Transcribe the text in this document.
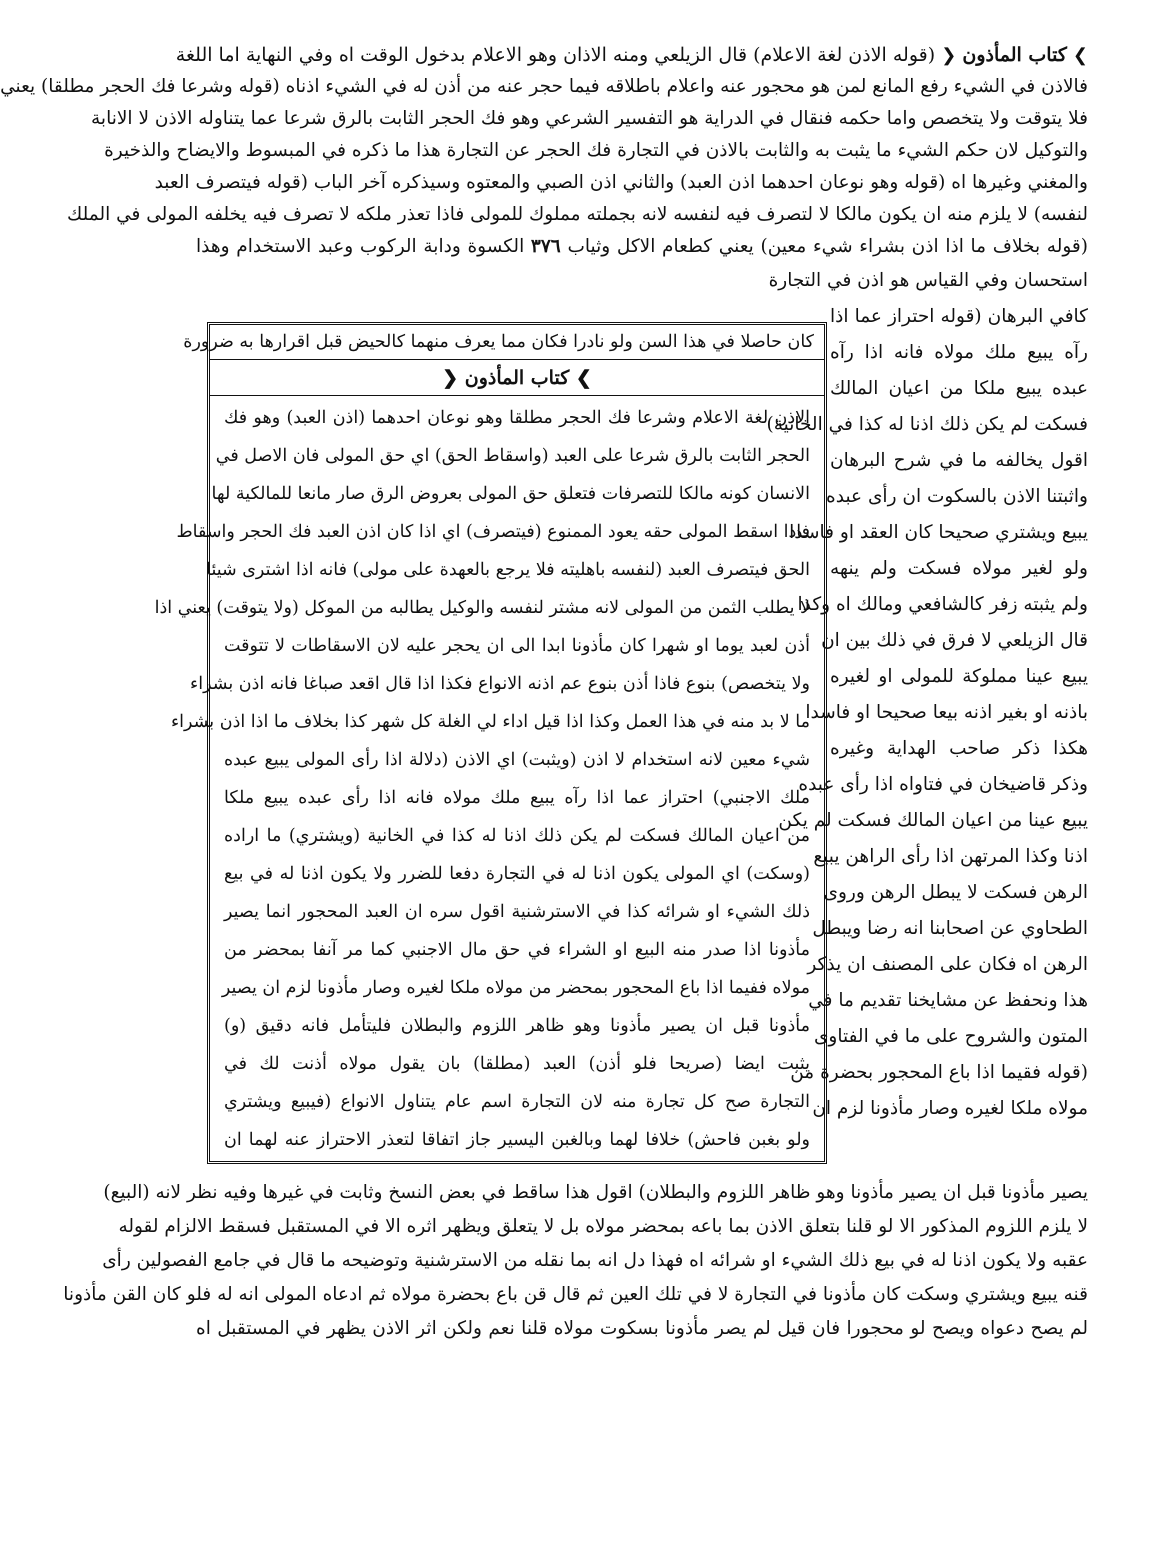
❯ كتاب المأذون ❮ (قوله الاذن لغة الاعلام) قال الزيلعي ومنه الاذان وهو الاعلام بدخول الوقت اه وفي النهاية اما اللغة
فالاذن في الشيء رفع المانع لمن هو محجور عنه واعلام باطلاقه فيما حجر عنه من أذن له في الشيء اذناه (قوله وشرعا فك الحجر مطلقا) يعني
فلا يتوقت ولا يتخصص واما حكمه فنقال في الدراية هو التفسير الشرعي وهو فك الحجر الثابت بالرق شرعا عما يتناوله الاذن لا الانابة
والتوكيل لان حكم الشيء ما يثبت به والثابت بالاذن في التجارة فك الحجر عن التجارة هذا ما ذكره في المبسوط والايضاح والذخيرة
والمغني وغيرها اه (قوله وهو نوعان احدهما اذن العبد) والثاني اذن الصبي والمعتوه وسيذكره آخر الباب (قوله فيتصرف العبد
لنفسه) لا يلزم منه ان يكون مالكا لا لتصرف فيه لنفسه لانه بجملته مملوك للمولى فاذا تعذر ملكه لا تصرف فيه يخلفه المولى في الملك
(قوله بخلاف ما اذا اذن بشراء شيء معين) يعني كطعام الاكل وثياب ٣٧٦ الكسوة ودابة الركوب وعبد الاستخدام وهذا
استحسان وفي القياس هو اذن في التجارة
كافي البرهان (قوله احتراز عما اذا
رآه يبيع ملك مولاه فانه اذا رآه
عبده يبيع ملكا من اعيان المالك
فسكت لم يكن ذلك اذنا له كذا في الخانية)
اقول يخالفه ما في شرح البرهان
واثبتنا الاذن بالسكوت ان رأى عبده
يبيع ويشتري صحيحا كان العقد او فاسدا
ولو لغير مولاه فسكت ولم ينهه
ولم يثبته زفر كالشافعي ومالك اه وكذا
قال الزيلعي لا فرق في ذلك بين ان
يبيع عينا مملوكة للمولى او لغيره
باذنه او بغير اذنه بيعا صحيحا او فاسدا
هكذا ذكر صاحب الهداية وغيره
وذكر قاضيخان في فتاواه اذا رأى عبده
يبيع عينا من اعيان المالك فسكت لم يكن
اذنا وكذا المرتهن اذا رأى الراهن يبيع
الرهن فسكت لا يبطل الرهن وروى
الطحاوي عن اصحابنا انه رضا ويبطل
الرهن اه فكان على المصنف ان يذكر
هذا ونحفظ عن مشايخنا تقديم ما في
المتون والشروح على ما في الفتاوى
(قوله فقيما اذا باع المحجور بحضرة من
مولاه ملكا لغيره وصار مأذونا لزم ان
كان حاصلا في هذا السن ولو نادرا فكان مما يعرف منهما كالحيض قبل اقرارها به ضرورة
❯ كتاب المأذون ❮
الاذن لغة الاعلام وشرعا فك الحجر مطلقا وهو نوعان احدهما (اذن العبد) وهو فك
الحجر الثابت بالرق شرعا على العبد (واسقاط الحق) اي حق المولى فان الاصل في
الانسان كونه مالكا للتصرفات فتعلق حق المولى بعروض الرق صار مانعا للمالكية لها
فاذا اسقط المولى حقه يعود الممنوع (فيتصرف) اي اذا كان اذن العبد فك الحجر واسقاط
الحق فيتصرف العبد (لنفسه باهليته فلا يرجع بالعهدة على مولى) فانه اذا اشترى شيئا
لا يطلب الثمن من المولى لانه مشتر لنفسه والوكيل يطالبه من الموكل (ولا يتوقت) يعني اذا
أذن لعبد يوما او شهرا كان مأذونا ابدا الى ان يحجر عليه لان الاسقاطات لا تتوقت
ولا يتخصص) بنوع فاذا أذن بنوع عم اذنه الانواع فكذا اذا قال اقعد صباغا فانه اذن بشراء
ما لا بد منه في هذا العمل وكذا اذا قيل اداء لي الغلة كل شهر كذا بخلاف ما اذا اذن بشراء
شيء معين لانه استخدام لا اذن (ويثبت) اي الاذن (دلالة اذا رأى المولى يبيع عبده
ملك الاجنبي) احتراز عما اذا رآه يبيع ملك مولاه فانه اذا رأى عبده يبيع ملكا
من اعيان المالك فسكت لم يكن ذلك اذنا له كذا في الخانية (ويشتري) ما اراده
(وسكت) اي المولى يكون اذنا له في التجارة دفعا للضرر ولا يكون اذنا له في بيع
ذلك الشيء او شرائه كذا في الاسترشنية اقول سره ان العبد المحجور انما يصير
مأذونا اذا صدر منه البيع او الشراء في حق مال الاجنبي كما مر آنفا بمحضر من
مولاه ففيما اذا باع المحجور بمحضر من مولاه ملكا لغيره وصار مأذونا لزم ان يصير
مأذونا قبل ان يصير مأذونا وهو ظاهر اللزوم والبطلان فليتأمل فانه دقيق (و)
يثبت ايضا (صريحا فلو أذن) العبد (مطلقا) بان يقول مولاه أذنت لك في
التجارة صح كل تجارة منه لان التجارة اسم عام يتناول الانواع (فيبيع ويشتري
ولو بغبن فاحش) خلافا لهما وبالغبن اليسير جاز اتفاقا لتعذر الاحتراز عنه لهما ان
يصير مأذونا قبل ان يصير مأذونا وهو ظاهر اللزوم والبطلان) اقول هذا ساقط في بعض النسخ وثابت في غيرها وفيه نظر لانه (البيع)
لا يلزم اللزوم المذكور الا لو قلنا بتعلق الاذن بما باعه بمحضر مولاه بل لا يتعلق ويظهر اثره الا في المستقبل فسقط الالزام لقوله
عقبه ولا يكون اذنا له في بيع ذلك الشيء او شرائه اه فهذا دل انه بما نقله من الاسترشنية وتوضيحه ما قال في جامع الفصولين رأى
قنه يبيع ويشتري وسكت كان مأذونا في التجارة لا في تلك العين ثم قال قن باع بحضرة مولاه ثم ادعاه المولى انه له فلو كان القن مأذونا
لم يصح دعواه ويصح لو محجورا فان قيل لم يصر مأذونا بسكوت مولاه قلنا نعم ولكن اثر الاذن يظهر في المستقبل اه
